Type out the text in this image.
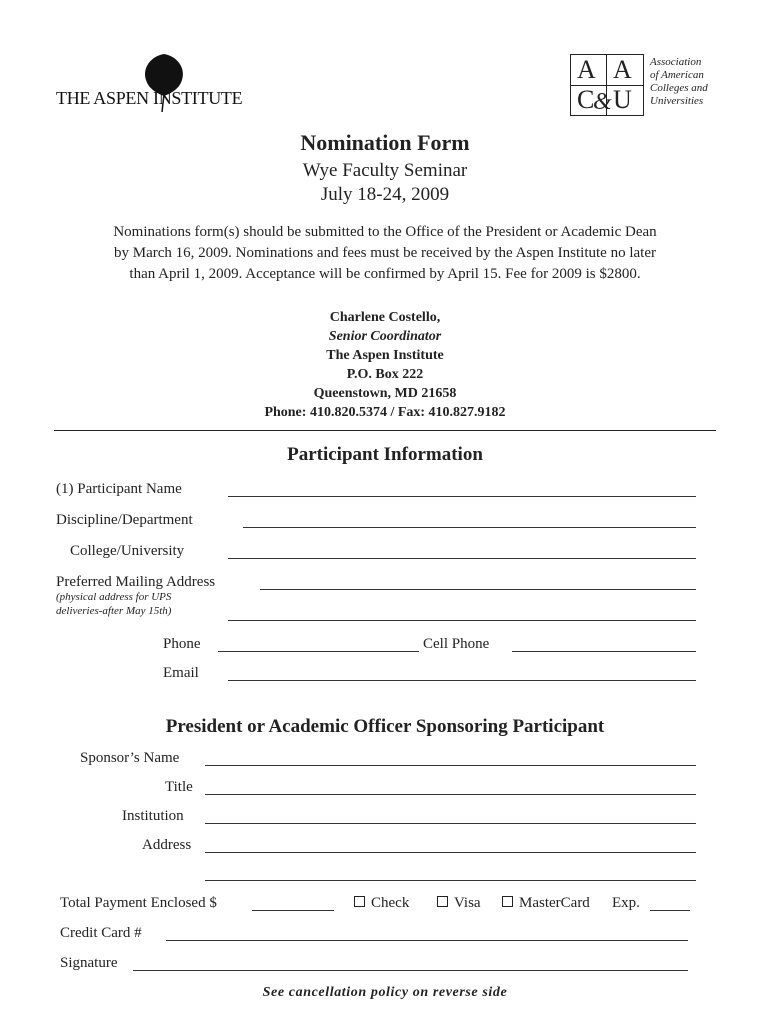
THE ASPEN INSTITUTE
A A
C
& U
Association
of American
Colleges and
Universities
Nomination Form
Wye Faculty Seminar
July 18-24, 2009
Nominations form(s) should be submitted to the Office of the President or Academic Dean
by March 16, 2009. Nominations and fees must be received by the Aspen Institute no later
than April 1, 2009. Acceptance will be confirmed by April 15. Fee for 2009 is $2800.
Charlene Costello,
Senior Coordinator
The Aspen Institute
P.O. Box 222
Queenstown, MD 21658
Phone: 410.820.5374 / Fax: 410.827.9182
Participant Information
(1) Participant Name
Discipline/Department
College/University
Preferred Mailing Address
(physical address for UPS
deliveries-after May 15th)
Phone	Cell Phone
Email
President or Academic Officer Sponsoring Participant
Sponsor’s Name
Title
Institution
Address
Total Payment Enclosed $	Check	Visa	MasterCard Exp.
Credit Card #
Signature
See cancellation policy on reverse side
